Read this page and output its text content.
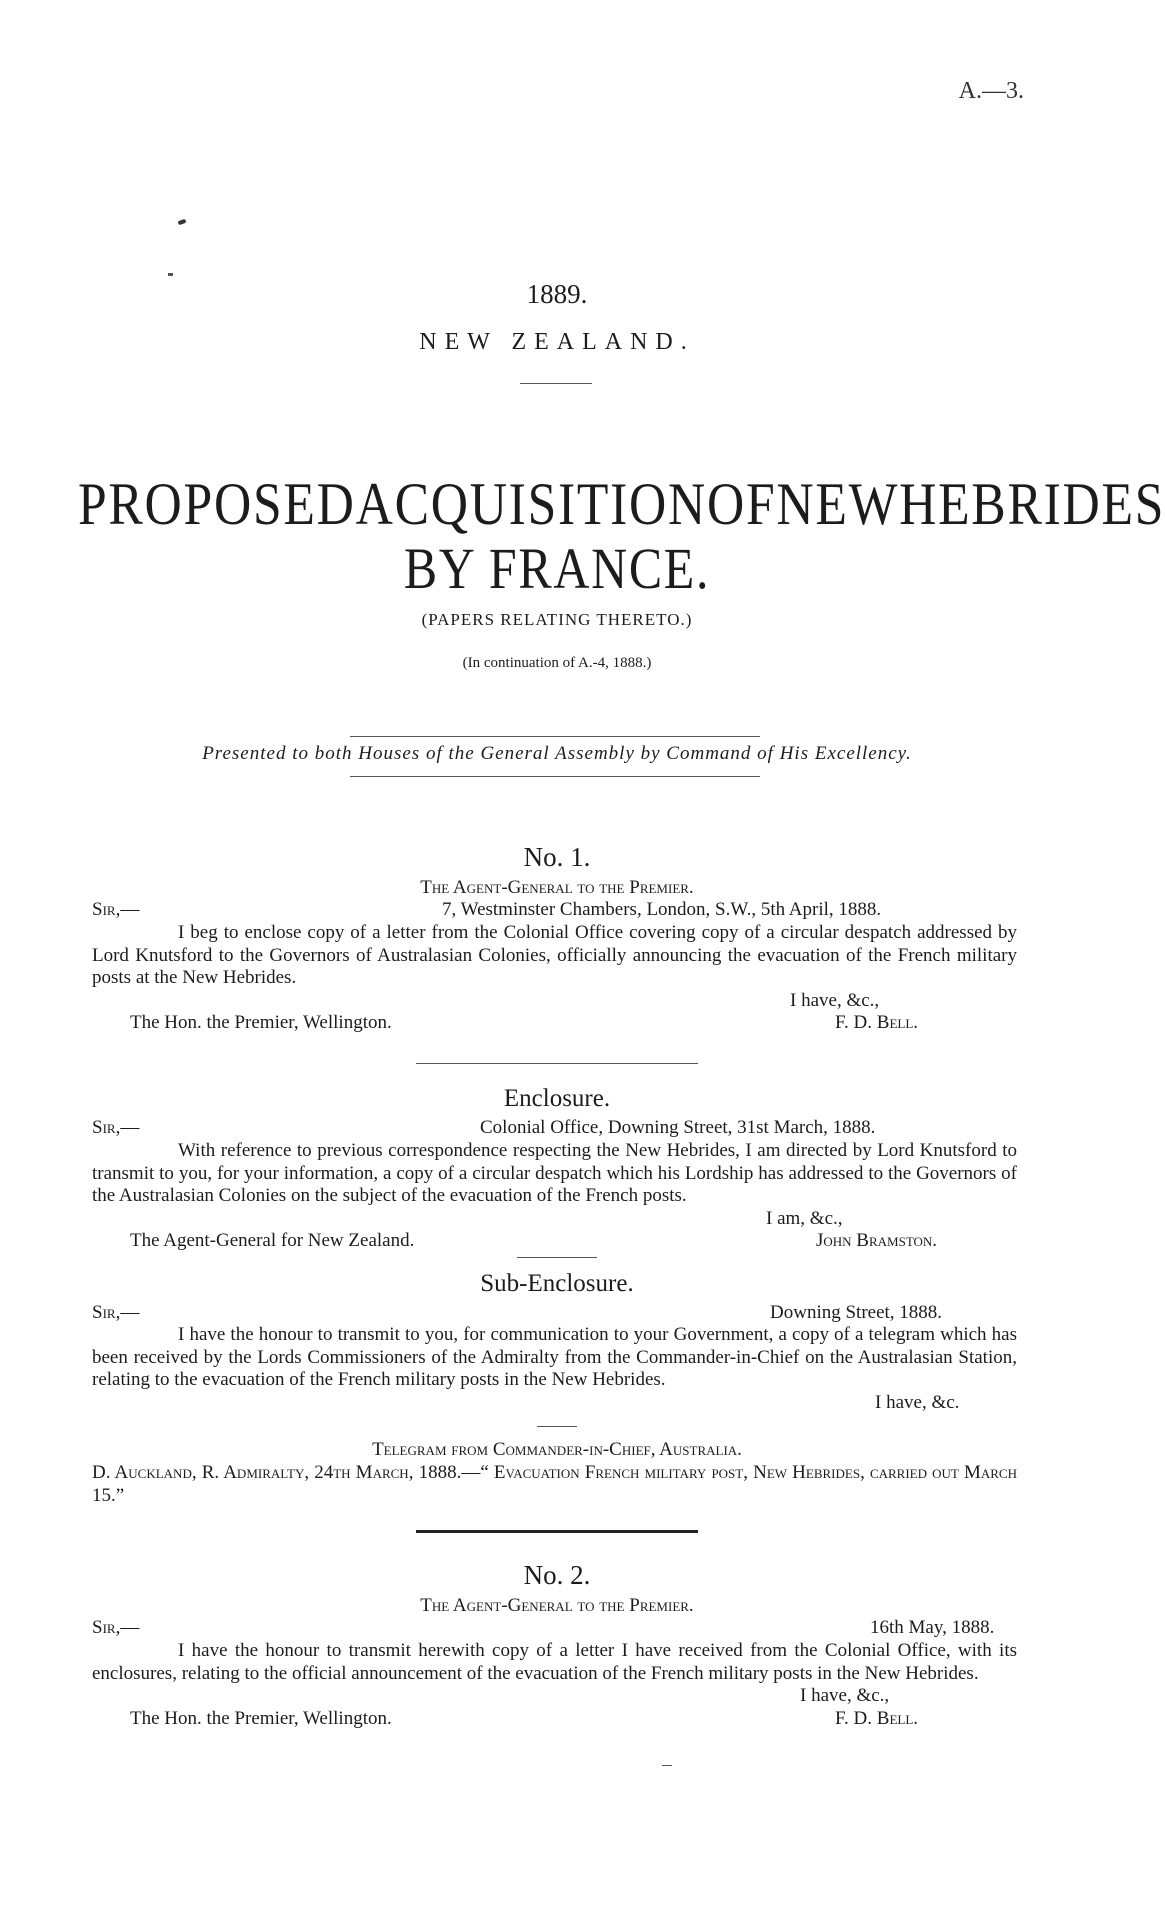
A.—3.
1889.
NEW ZEALAND.
PROPOSED ACQUISITION OF NEW HEBRIDES
BY FRANCE.
(PAPERS RELATING THERETO.)
(In continuation of A.-4, 1888.)
Presented to both Houses of the General Assembly by Command of His Excellency.
No. 1.
The Agent-General to the Premier.
Sir,—	7, Westminster Chambers, London, S.W., 5th April, 1888.
I beg to enclose copy of a letter from the Colonial Office covering copy of a circular despatch addressed by Lord Knutsford to the Governors of Australasian Colonies, officially announcing the evacuation of the French military posts at the New Hebrides.
I have, &c.,
The Hon. the Premier, Wellington.	F. D. Bell.
Enclosure.
Sir,—	Colonial Office, Downing Street, 31st March, 1888.
With reference to previous correspondence respecting the New Hebrides, I am directed by Lord Knutsford to transmit to you, for your information, a copy of a circular despatch which his Lordship has addressed to the Governors of the Australasian Colonies on the subject of the evacuation of the French posts.
I am, &c.,
The Agent-General for New Zealand.	John Bramston.
Sub-Enclosure.
Sir,—	Downing Street, 1888.
I have the honour to transmit to you, for communication to your Government, a copy of a telegram which has been received by the Lords Commissioners of the Admiralty from the Commander-in-Chief on the Australasian Station, relating to the evacuation of the French military posts in the New Hebrides.
I have, &c.
Telegram from Commander-in-Chief, Australia.
D. Auckland, R. Admiralty, 24th March, 1888.—“ Evacuation French military post, New Hebrides, carried out March 15.”
No. 2.
The Agent-General to the Premier.
Sir,—	16th May, 1888.
I have the honour to transmit herewith copy of a letter I have received from the Colonial Office, with its enclosures, relating to the official announcement of the evacuation of the French military posts in the New Hebrides.
I have, &c.,
The Hon. the Premier, Wellington.	F. D. Bell.
